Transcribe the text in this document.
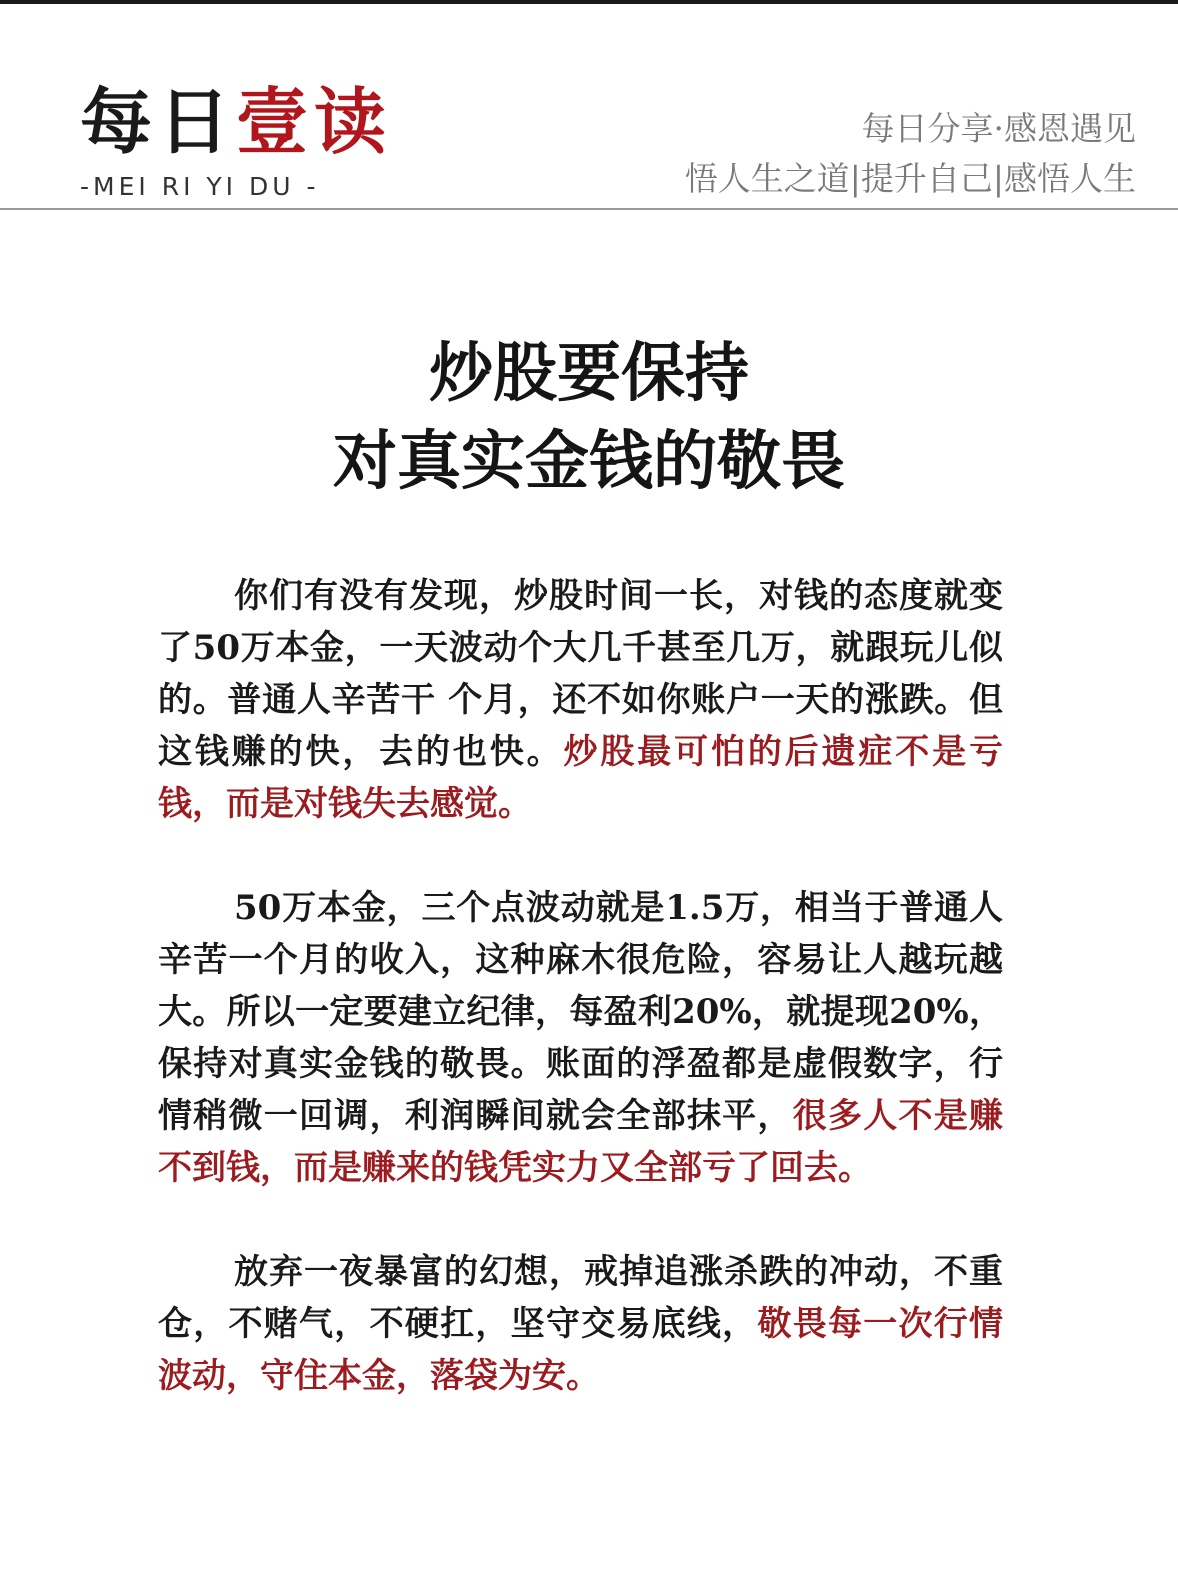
每日壹读
-MEI RI YI DU -
每日分享·感恩遇见
悟人生之道|提升自己|感悟人生
炒股要保持
对真实金钱的敬畏

你们有没有发现，炒股时间一长，对钱的态度就变了50万本金，一天波动个大几千甚至几万，就跟玩儿似的。普通人辛苦干 个月，还不如你账户一天的涨跌。但这钱赚的快，去的也快。炒股最可怕的后遗症不是亏钱，而是对钱失去感觉。

50万本金，三个点波动就是1.5万，相当于普通人辛苦一个月的收入，这种麻木很危险，容易让人越玩越大。所以一定要建立纪律，每盈利20%，就提现20%，保持对真实金钱的敬畏。账面的浮盈都是虚假数字，行情稍微一回调，利润瞬间就会全部抹平，很多人不是赚不到钱，而是赚来的钱凭实力又全部亏了回去。

放弃一夜暴富的幻想，戒掉追涨杀跌的冲动，不重仓，不赌气，不硬扛，坚守交易底线，敬畏每一次行情波动，守住本金，落袋为安。
